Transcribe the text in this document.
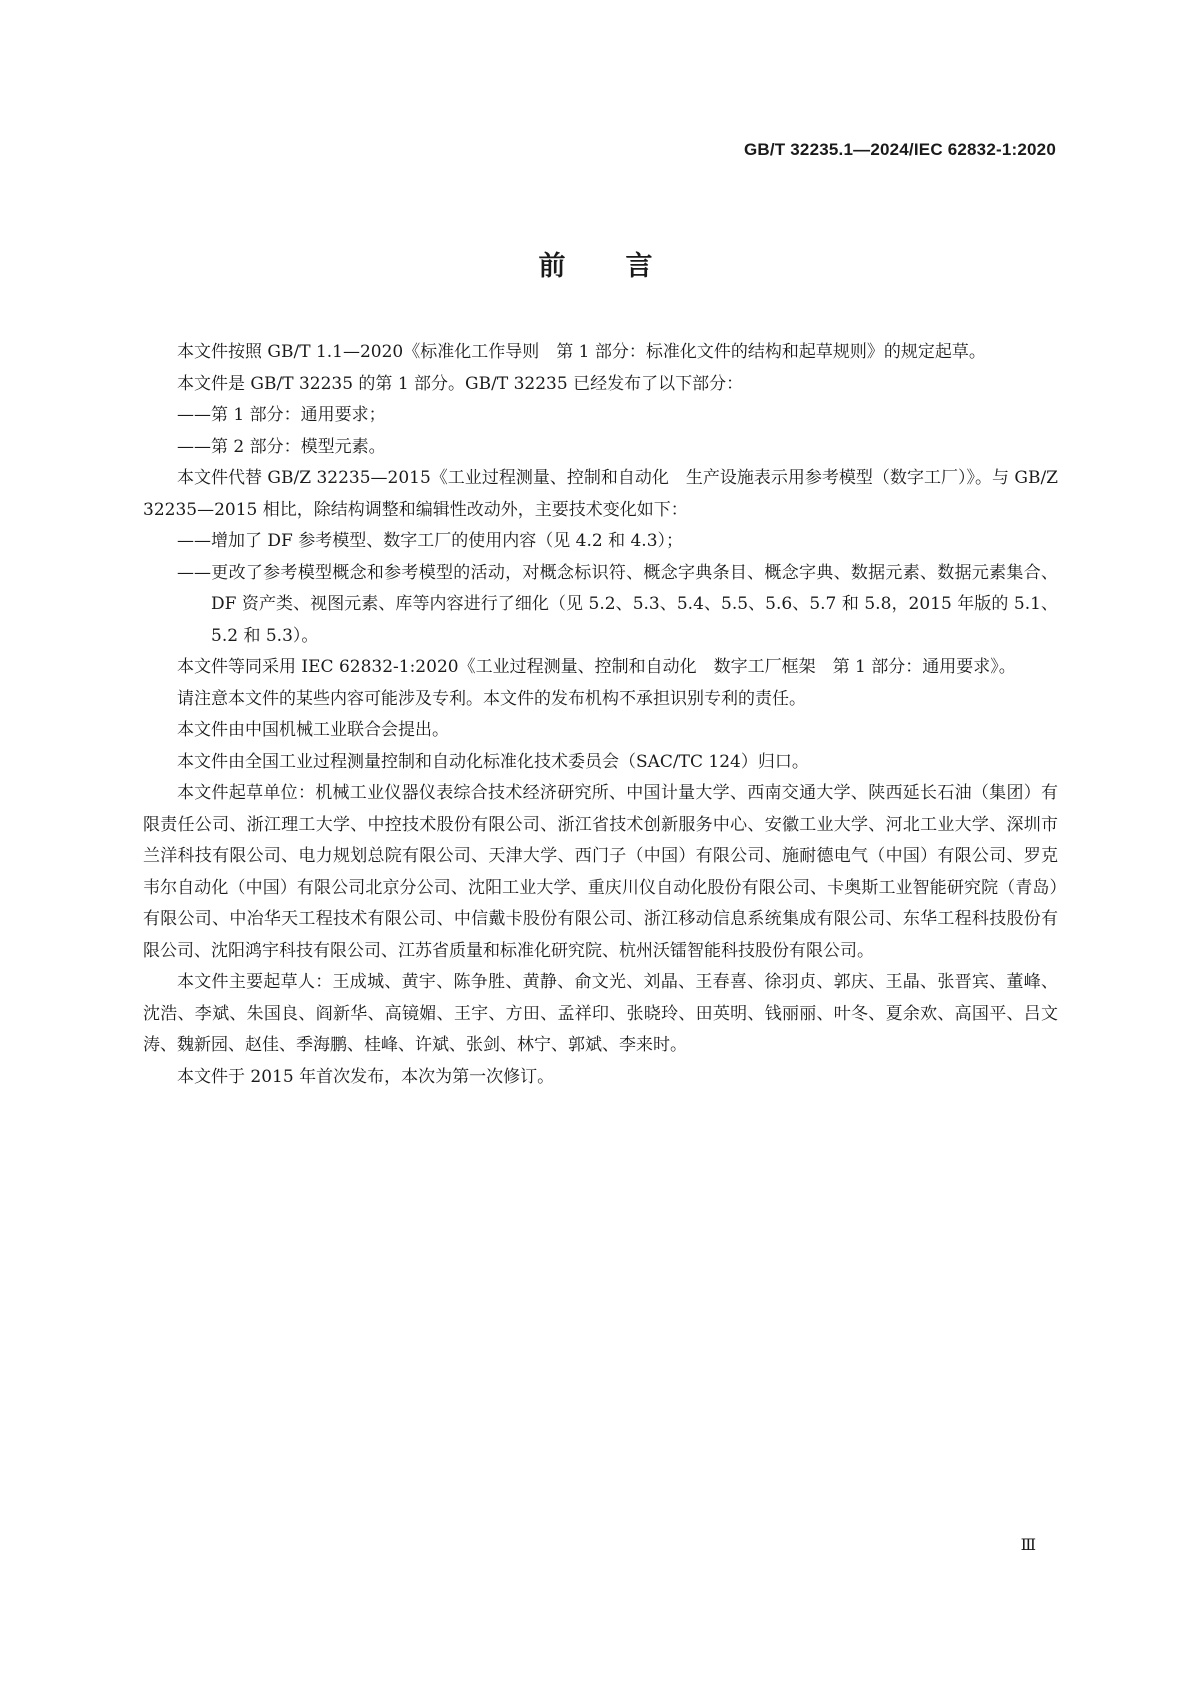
GB/T 32235.1—2024/IEC 62832-1:2020
前言

本文件按照 GB/T 1.1—2020《标准化工作导则　第 1 部分：标准化文件的结构和起草规则》的规定起草。

本文件是 GB/T 32235 的第 1 部分。GB/T 32235 已经发布了以下部分：

——第 1 部分：通用要求；

——第 2 部分：模型元素。

本文件代替 GB/Z 32235—2015《工业过程测量、控制和自动化　生产设施表示用参考模型（数字工厂）》。与 GB/Z 32235—2015 相比，除结构调整和编辑性改动外，主要技术变化如下：

——增加了 DF 参考模型、数字工厂的使用内容（见 4.2 和 4.3）；

——更改了参考模型概念和参考模型的活动，对概念标识符、概念字典条目、概念字典、数据元素、数据元素集合、DF 资产类、视图元素、库等内容进行了细化（见 5.2、5.3、5.4、5.5、5.6、5.7 和 5.8，2015 年版的 5.1、5.2 和 5.3）。

本文件等同采用 IEC 62832-1:2020《工业过程测量、控制和自动化　数字工厂框架　第 1 部分：通用要求》。

请注意本文件的某些内容可能涉及专利。本文件的发布机构不承担识别专利的责任。

本文件由中国机械工业联合会提出。

本文件由全国工业过程测量控制和自动化标准化技术委员会（SAC/TC 124）归口。

本文件起草单位：机械工业仪器仪表综合技术经济研究所、中国计量大学、西南交通大学、陕西延长石油（集团）有限责任公司、浙江理工大学、中控技术股份有限公司、浙江省技术创新服务中心、安徽工业大学、河北工业大学、深圳市兰洋科技有限公司、电力规划总院有限公司、天津大学、西门子（中国）有限公司、施耐德电气（中国）有限公司、罗克韦尔自动化（中国）有限公司北京分公司、沈阳工业大学、重庆川仪自动化股份有限公司、卡奥斯工业智能研究院（青岛）有限公司、中冶华天工程技术有限公司、中信戴卡股份有限公司、浙江移动信息系统集成有限公司、东华工程科技股份有限公司、沈阳鸿宇科技有限公司、江苏省质量和标准化研究院、杭州沃镭智能科技股份有限公司。

本文件主要起草人：王成城、黄宇、陈争胜、黄静、俞文光、刘晶、王春喜、徐羽贞、郭庆、王晶、张晋宾、董峰、沈浩、李斌、朱国良、阎新华、高镜媚、王宇、方田、孟祥印、张晓玲、田英明、钱丽丽、叶冬、夏余欢、高国平、吕文涛、魏新园、赵佳、季海鹏、桂峰、许斌、张剑、林宁、郭斌、李来时。

本文件于 2015 年首次发布，本次为第一次修订。

Ⅲ
